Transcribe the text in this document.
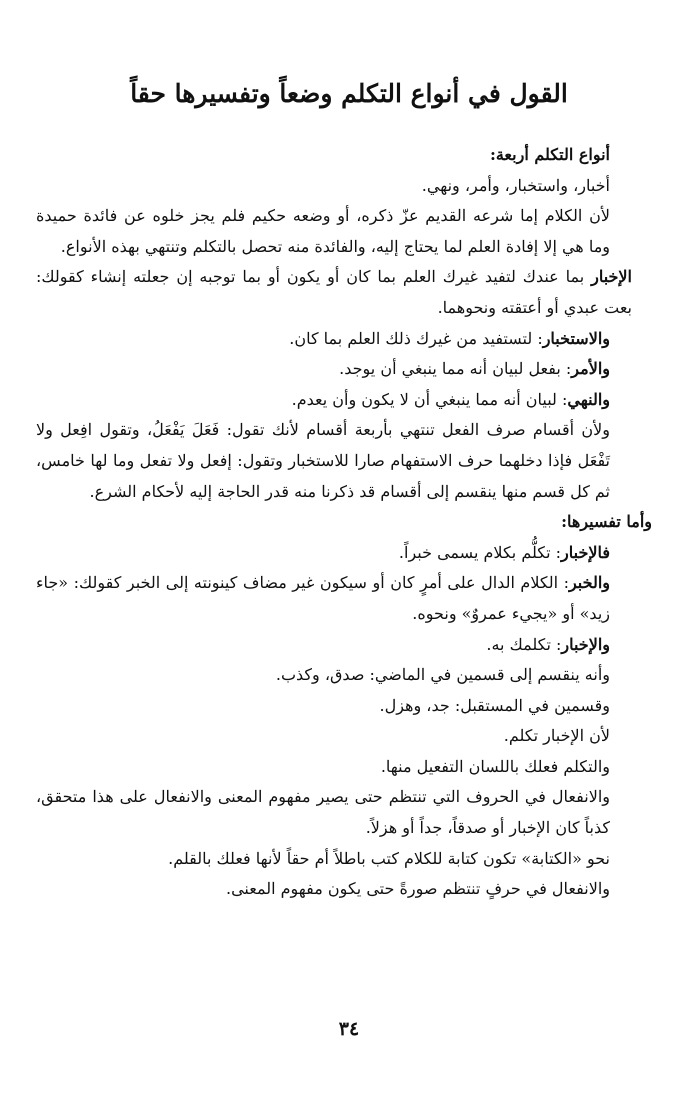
القول في أنواع التكلم وضعاً وتفسيرها حقاً

أنواع التكلم أربعة:

أخبار، واستخبار، وأمر، ونهي.

لأن الكلام إما شرعه القديم عزّ ذكره، أو وضعه حكيم فلم يجز خلوه عن فائدة حميدة وما هي إلا إفادة العلم لما يحتاج إليه، والفائدة منه تحصل بالتكلم وتنتهي بهذه الأنواع.

الإخبار بما عندك لتفيد غيرك العلم بما كان أو يكون أو بما توجبه إن جعلته إنشاء كقولك: بعت عبدي أو أعتقته ونحوهما.

والاستخبار: لتستفيد من غيرك ذلك العلم بما كان.

والأمر: بفعل لبيان أنه مما ينبغي أن يوجد.

والنهي: لبيان أنه مما ينبغي أن لا يكون وأن يعدم.

ولأن أقسام صرف الفعل تنتهي بأربعة أقسام لأنك تقول: فَعَلَ يَفْعَلُ، وتقول افِعل ولا تَفْعَل فإذا دخلهما حرف الاستفهام صارا للاستخبار وتقول: إفعل ولا تفعل وما لها خامس، ثم كل قسم منها ينقسم إلى أقسام قد ذكرنا منه قدر الحاجة إليه لأحكام الشرع.

وأما تفسيرها:

فالإخبار: تكلُّم بكلام يسمى خبراً.

والخبر: الكلام الدال على أمرٍ كان أو سيكون غير مضاف كينونته إلى الخبر كقولك: «جاء زيد» أو «يجيء عمروٌ» ونحوه.

والإخبار: تكلمك به.

وأنه ينقسم إلى قسمين في الماضي: صدق، وكذب.

وقسمين في المستقبل: جد، وهزل.

لأن الإخبار تكلم.

والتكلم فعلك باللسان التفعيل منها.

والانفعال في الحروف التي تنتظم حتى يصير مفهوم المعنى والانفعال على هذا متحقق، كذباً كان الإخبار أو صدقاً، جداً أو هزلاً.

نحو «الكتابة» تكون كتابة للكلام كتب باطلاً أم حقاً لأنها فعلك بالقلم.

والانفعال في حرفٍ تنتظم صورةً حتى يكون مفهوم المعنى.

٣٤
